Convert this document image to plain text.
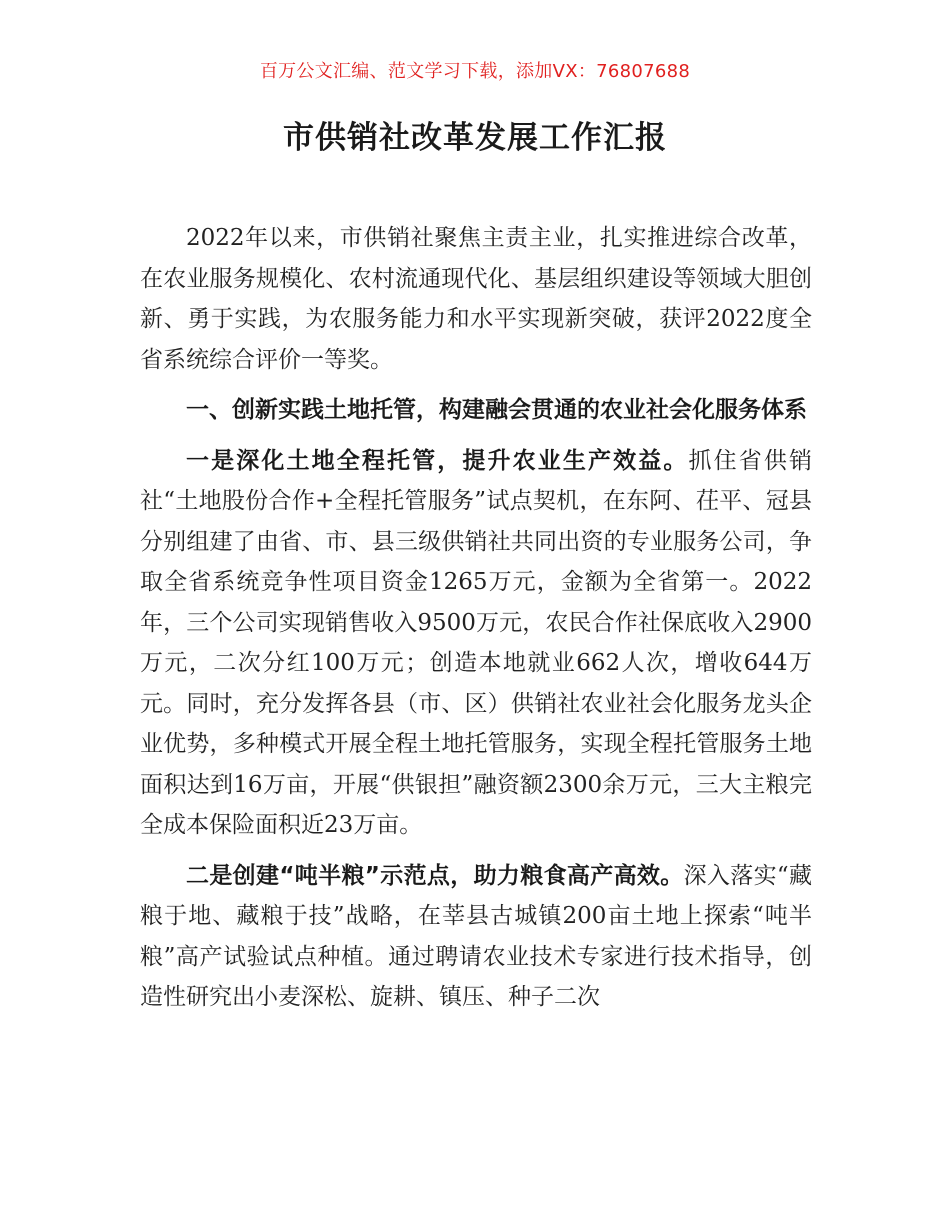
百万公文汇编、范文学习下载，添加VX：76807688
市供销社改革发展工作汇报

2022年以来，市供销社聚焦主责主业，扎实推进综合改革，在农业服务规模化、农村流通现代化、基层组织建设等领域大胆创新、勇于实践，为农服务能力和水平实现新突破，获评2022度全省系统综合评价一等奖。

一、创新实践土地托管，构建融会贯通的农业社会化服务体系

一是深化土地全程托管，提升农业生产效益。抓住省供销社“土地股份合作+全程托管服务”试点契机，在东阿、茌平、冠县分别组建了由省、市、县三级供销社共同出资的专业服务公司，争取全省系统竞争性项目资金1265万元，金额为全省第一。2022年，三个公司实现销售收入9500万元，农民合作社保底收入2900万元，二次分红100万元；创造本地就业662人次，增收644万元。同时，充分发挥各县（市、区）供销社农业社会化服务龙头企业优势，多种模式开展全程土地托管服务，实现全程托管服务土地面积达到16万亩，开展“供银担”融资额2300余万元，三大主粮完全成本保险面积近23万亩。

二是创建“吨半粮”示范点，助力粮食高产高效。深入落实“藏粮于地、藏粮于技”战略，在莘县古城镇200亩土地上探索“吨半粮”高产试验试点种植。通过聘请农业技术专家进行技术指导，创造性研究出小麦深松、旋耕、镇压、种子二次
